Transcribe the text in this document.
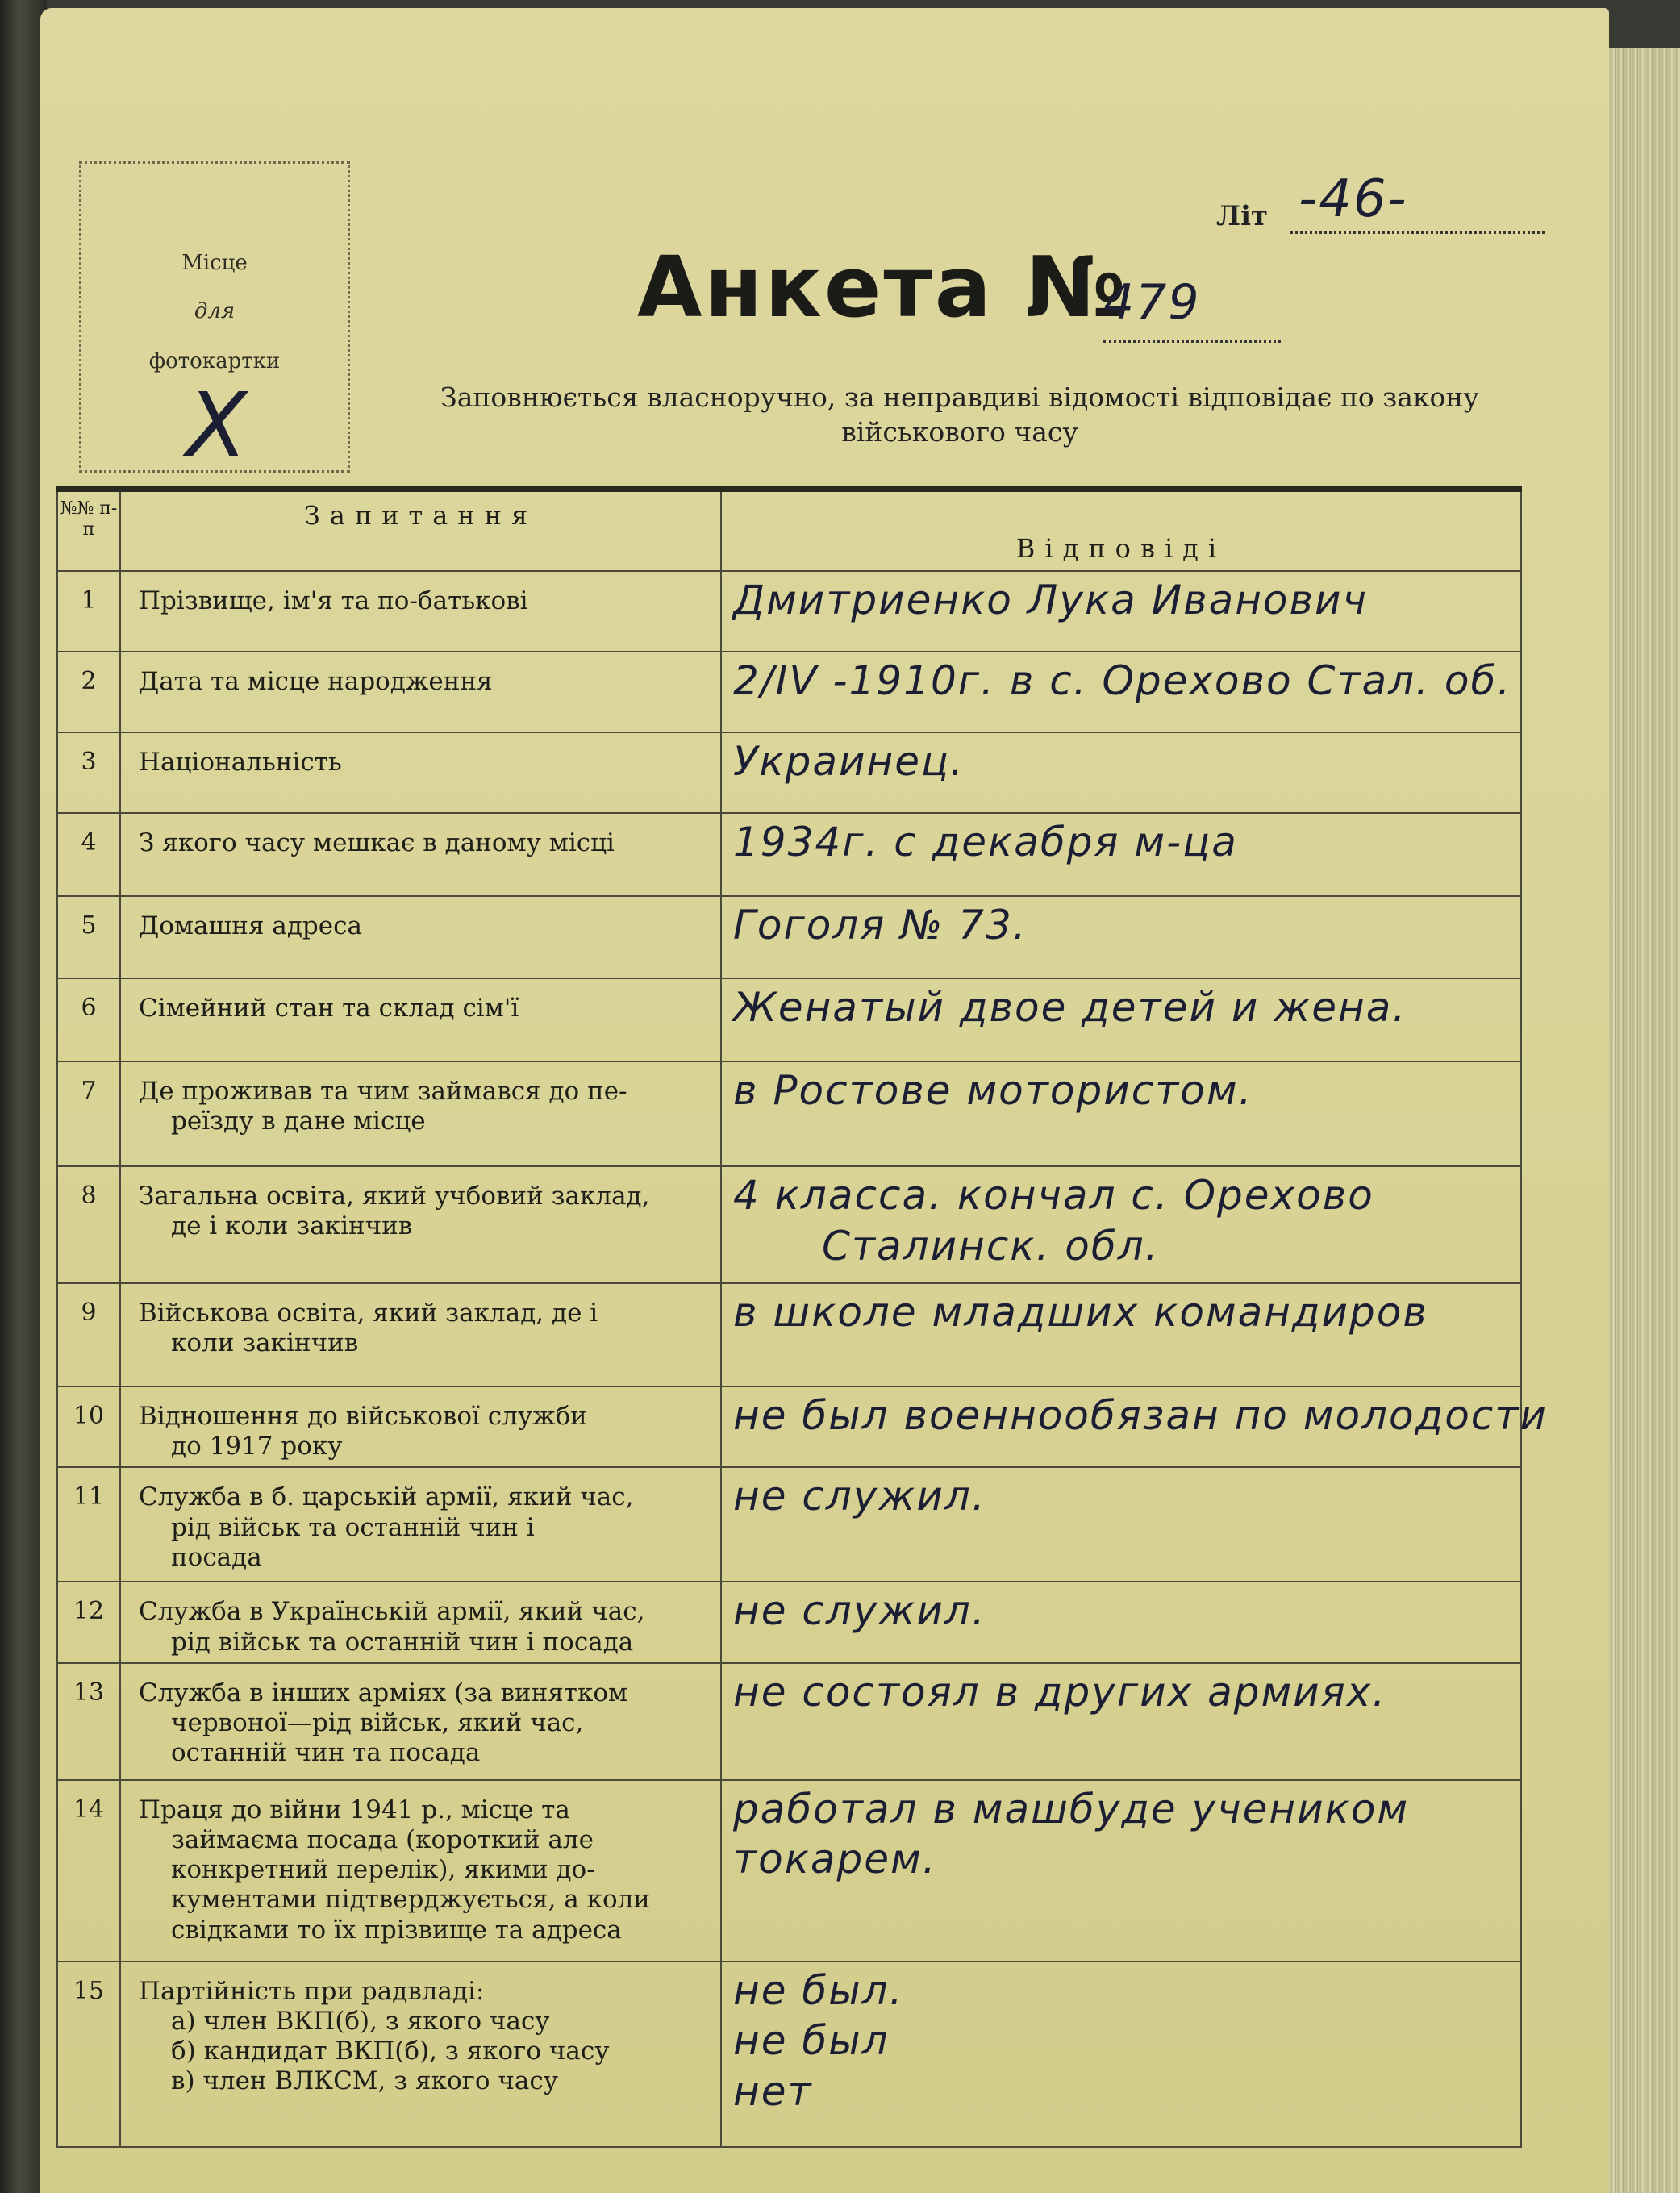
Місце
для
фотокартки
X
Літ -46-
Анкета №
479
Заповнюється власноручно, за неправдиві відомості відповідає по закону
військового часу
№№ п-п	Запитання	Відповіді
1	Прізвище, ім'я та по-батькові	Дмитриенко Лука Иванович

2	Дата та місце народження	2/IV -1910г. в с. Орехово Стал. об.

3	Національність	Украинец.

4	З якого часу мешкає в даному місці	1934г. с декабря м-ца

5	Домашня адреса	Гоголя № 73.

6	Сімейний стан та склад сім'ї	Женатый двое детей и жена.

7	Де проживав та чим займався до пе-
реїзду в дане місце	в Ростове мотористом.

8	Загальна освіта, який учбовий заклад,
де і коли закінчив	4 класса. кончал с. Орехово
Сталинск. обл.

9	Військова освіта, який заклад, де і
коли закінчив	в школе младших командиров

10	Відношення до військової служби
до 1917 року	не был военнообязан по молодости

11	Служба в б. царській армії, який час,
рід військ та останній чин і
посада	не служил.

12	Служба в Українській армії, який час,
рід військ та останній чин і посада	не служил.

13	Служба в інших арміях (за винятком
червоної—рід військ, який час,
останній чин та посада	не состоял в других армиях.

14	Праця до війни 1941 р., місце та
займаєма посада (короткий але
конкретний перелік), якими до-
кументами підтверджується, а коли
свідками то їх прізвище та адреса	работал в машбуде учеником
токарем.

15	Партійність при радвладі:
а) член ВКП(б), з якого часу
б) кандидат ВКП(б), з якого часу
в) член ВЛКСМ, з якого часу	не был.
не был
нет
